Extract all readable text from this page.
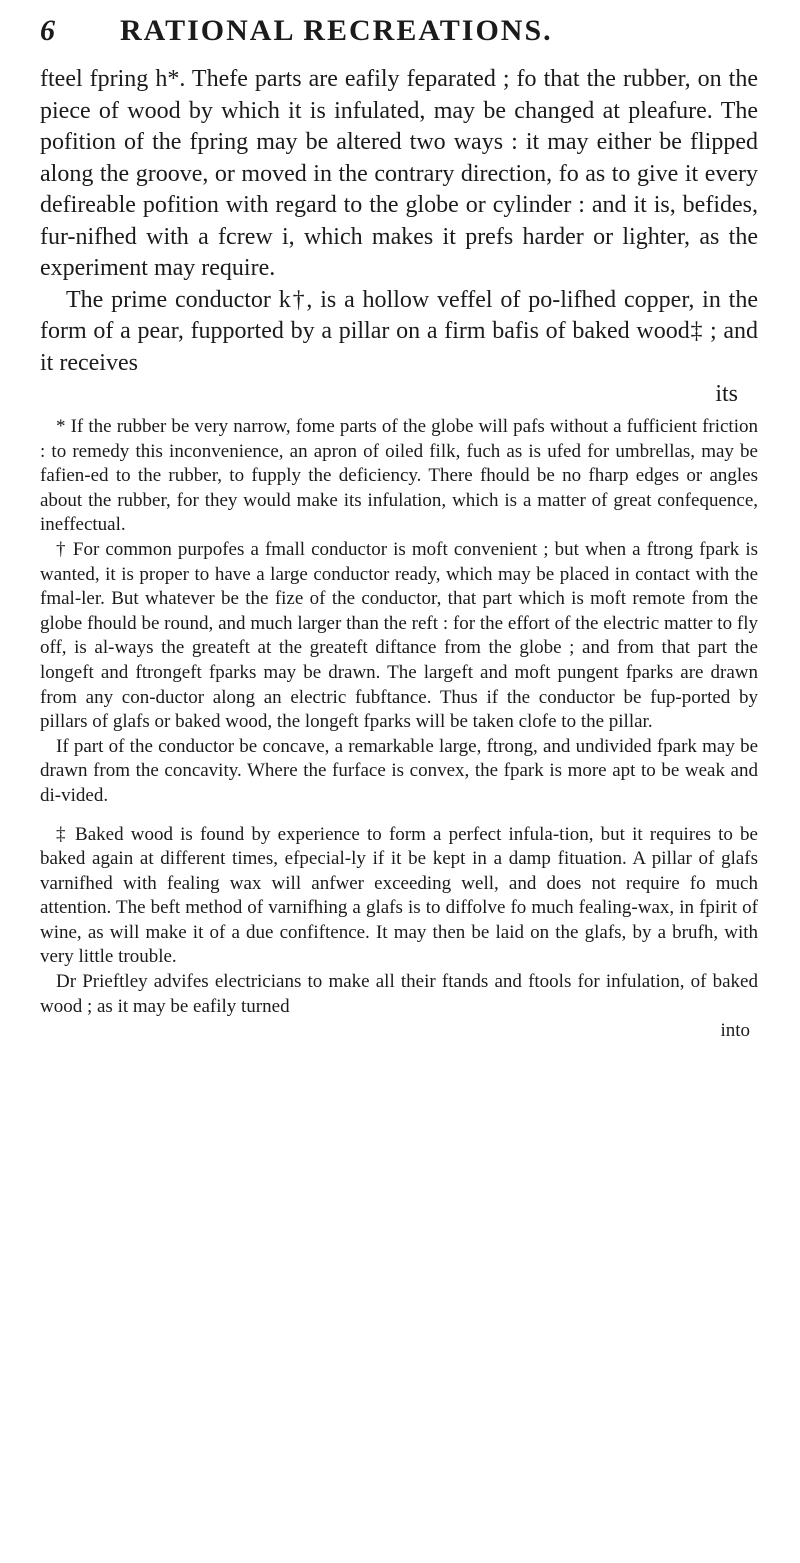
6	RATIONAL RECREATIONS.

fteel fpring h*. Thefe parts are eafily feparated ; fo that the rubber, on the piece of wood by which it is infulated, may be changed at pleafure. The pofition of the fpring may be altered two ways : it may either be flipped along the groove, or moved in the contrary direction, fo as to give it every defireable pofition with regard to the globe or cylinder : and it is, befides, fur-nifhed with a fcrew i, which makes it prefs harder or lighter, as the experiment may require.

The prime conductor k†, is a hollow veffel of po-lifhed copper, in the form of a pear, fupported by a pillar on a firm bafis of baked wood‡ ; and it receives

its

* If the rubber be very narrow, fome parts of the globe will pafs without a fufficient friction : to remedy this inconvenience, an apron of oiled filk, fuch as is ufed for umbrellas, may be fafien-ed to the rubber, to fupply the deficiency. There fhould be no fharp edges or angles about the rubber, for they would make its infulation, which is a matter of great confequence, ineffectual.

† For common purpofes a fmall conductor is moft convenient ; but when a ftrong fpark is wanted, it is proper to have a large conductor ready, which may be placed in contact with the fmal-ler. But whatever be the fize of the conductor, that part which is moft remote from the globe fhould be round, and much larger than the reft : for the effort of the electric matter to fly off, is al-ways the greateft at the greateft diftance from the globe ; and from that part the longeft and ftrongeft fparks may be drawn. The largeft and moft pungent fparks are drawn from any con-ductor along an electric fubftance. Thus if the conductor be fup-ported by pillars of glafs or baked wood, the longeft fparks will be taken clofe to the pillar.

If part of the conductor be concave, a remarkable large, ftrong, and undivided fpark may be drawn from the concavity. Where the furface is convex, the fpark is more apt to be weak and di-vided.

‡ Baked wood is found by experience to form a perfect infula-tion, but it requires to be baked again at different times, efpecial-ly if it be kept in a damp fituation. A pillar of glafs varnifhed with fealing wax will anfwer exceeding well, and does not require fo much attention. The beft method of varnifhing a glafs is to diffolve fo much fealing-wax, in fpirit of wine, as will make it of a due confiftence. It may then be laid on the glafs, by a brufh, with very little trouble.

Dr Prieftley advifes electricians to make all their ftands and ftools for infulation, of baked wood ; as it may be eafily turned

into
